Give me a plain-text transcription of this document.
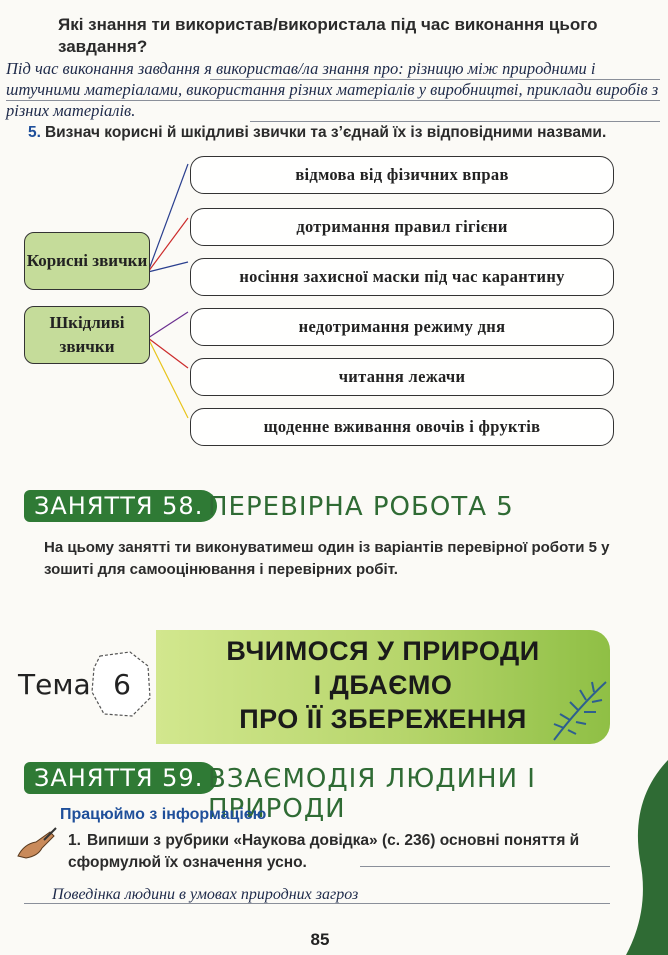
Які знання ти використав/використала під час виконання цього завдання?
Під час виконання завдання я використав/ла знання про: різницю між природними і штучними матеріалами, використання різних матеріалів у виробництві, приклади виробів з різних матеріалів.
5. Визнач корисні й шкідливі звички та з’єднай їх із відповідними назвами.
Корисні звички
Шкідливі звички
відмова від фізичних вправ
дотримання правил гігієни
носіння захисної маски під час карантину
недотримання режиму дня
читання лежачи
щоденне вживання овочів і фруктів
ЗАНЯТТЯ 58. ПЕРЕВІРНА РОБОТА 5
На цьому занятті ти виконуватимеш один із варіантів перевірної роботи 5 у зошиті для самооцінювання і перевірних робіт.
Тема 6
ВЧИМОСЯ У ПРИРОДИ
І ДБАЄМО
ПРО ЇЇ ЗБЕРЕЖЕННЯ
ЗАНЯТТЯ 59. ВЗАЄМОДІЯ ЛЮДИНИ І ПРИРОДИ
Працюймо з інформацією
1. Випиши з рубрики «Наукова довідка» (с. 236) основні поняття й сформулюй їх означення усно.
Поведінка людини в умовах природних загроз
85
